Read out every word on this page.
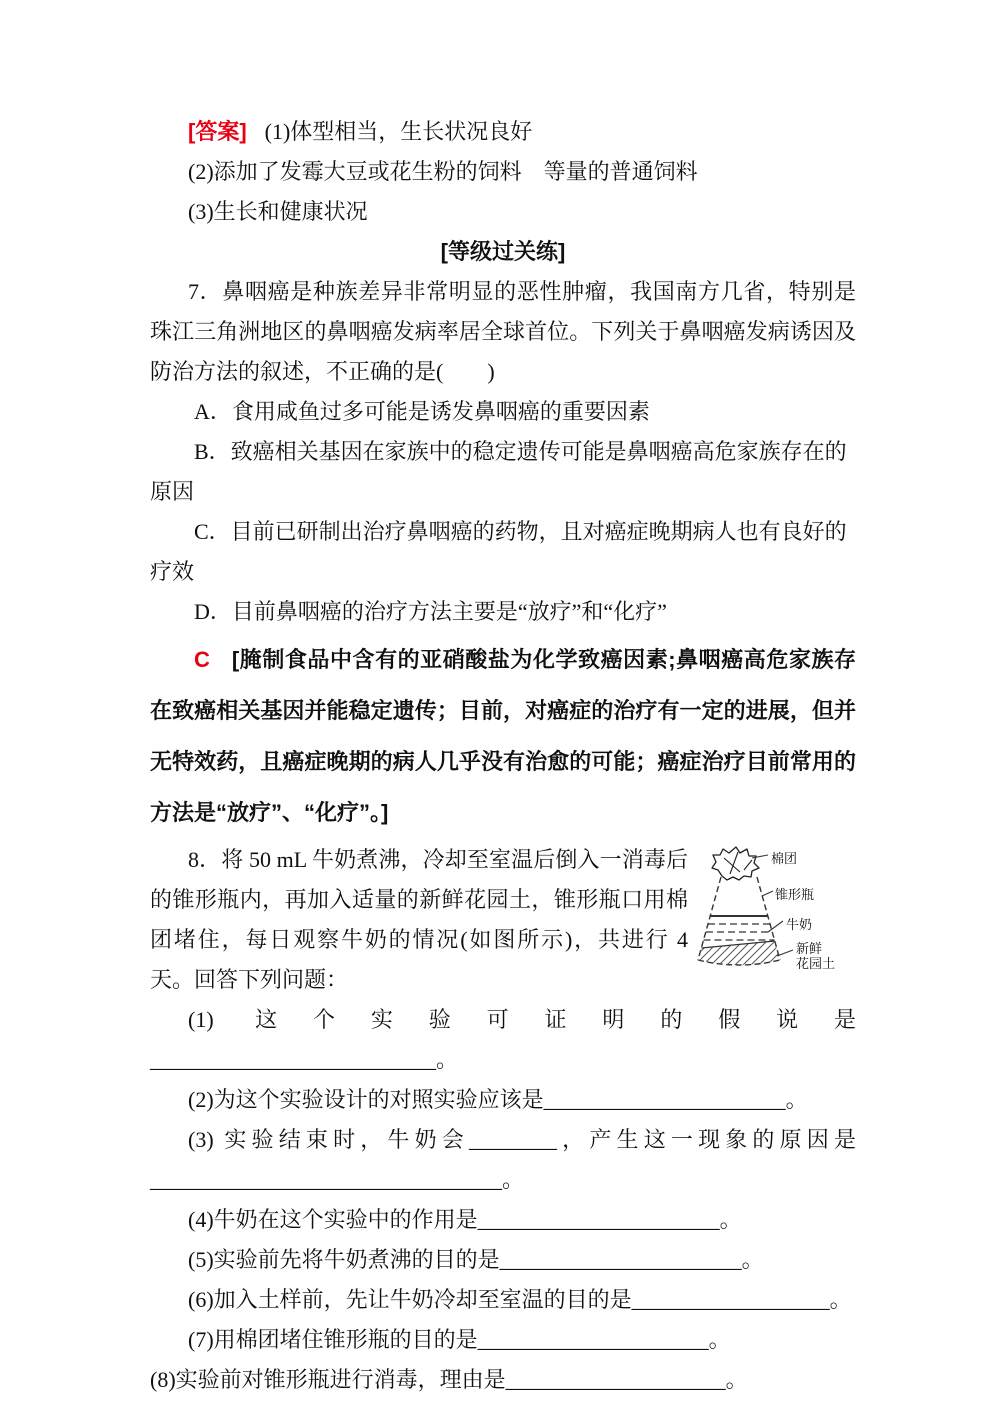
[答案] (1)体型相当，生长状况良好

(2)添加了发霉大豆或花生粉的饲料　等量的普通饲料

(3)生长和健康状况

[等级过关练]

7．鼻咽癌是种族差异非常明显的恶性肿瘤，我国南方几省，特别是珠江三角洲地区的鼻咽癌发病率居全球首位。下列关于鼻咽癌发病诱因及防治方法的叙述，不正确的是(　　)

A．食用咸鱼过多可能是诱发鼻咽癌的重要因素

B．致癌相关基因在家族中的稳定遗传可能是鼻咽癌高危家族存在的原因

C．目前已研制出治疗鼻咽癌的药物，且对癌症晚期病人也有良好的疗效

D．目前鼻咽癌的治疗方法主要是“放疗”和“化疗”

C [腌制食品中含有的亚硝酸盐为化学致癌因素;鼻咽癌高危家族存在致癌相关基因并能稳定遗传；目前，对癌症的治疗有一定的进展，但并无特效药，且癌症晚期的病人几乎没有治愈的可能；癌症治疗目前常用的方法是“放疗”、“化疗”。]

棉团
锥形瓶
牛奶
新鲜
花园土

8．将 50 mL 牛奶煮沸，冷却至室温后倒入一消毒后的锥形瓶内，再加入适量的新鲜花园土，锥形瓶口用棉团堵住，每日观察牛奶的情况(如图所示)，共进行 4 天。回答下列问题：

(1) 这个实验可证明的假说是

__________________________。

(2)为这个实验设计的对照实验应该是______________________。

(3) 实验结束时，牛奶会________，产生这一现象的原因是

________________________________。

(4)牛奶在这个实验中的作用是______________________。

(5)实验前先将牛奶煮沸的目的是______________________。

(6)加入土样前，先让牛奶冷却至室温的目的是__________________。

(7)用棉团堵住锥形瓶的目的是_____________________。

(8)实验前对锥形瓶进行消毒，理由是____________________。
